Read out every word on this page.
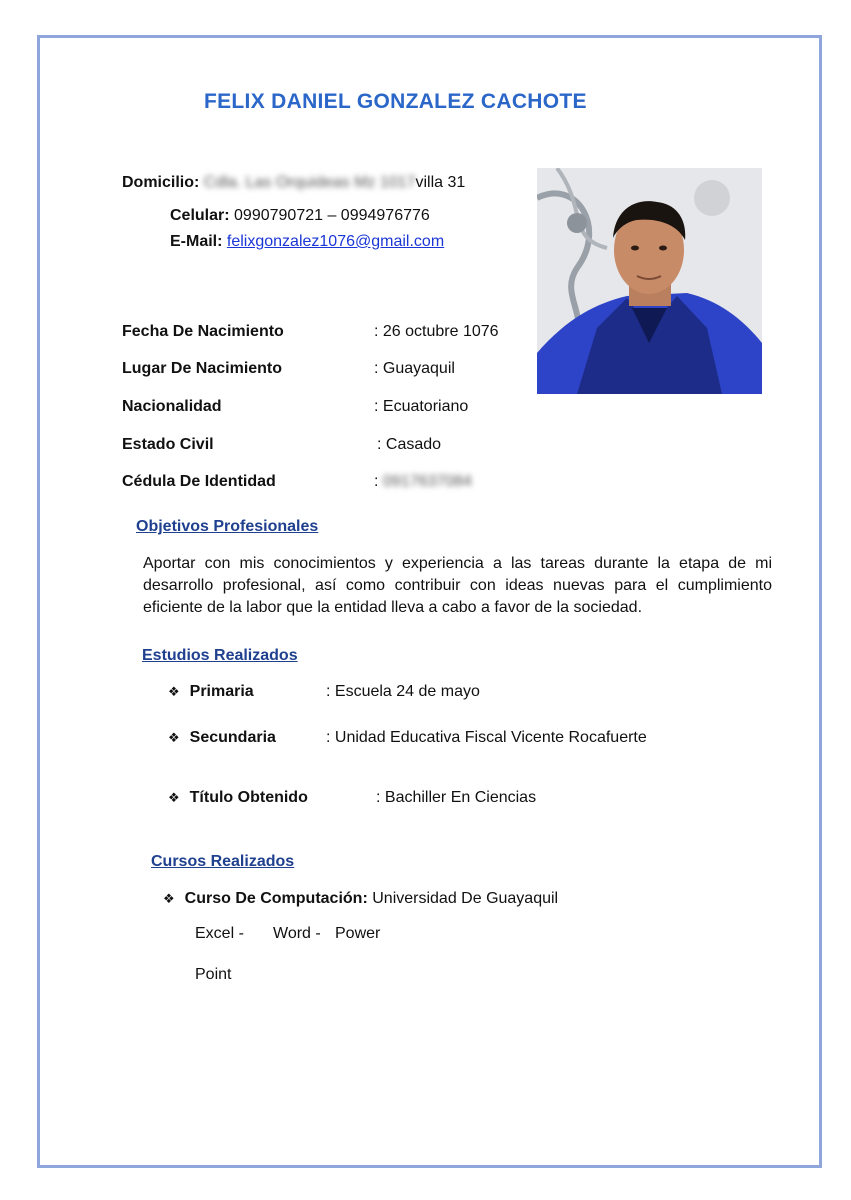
FELIX DANIEL GONZALEZ CACHOTE
Domicilio: Cdla. Las Orquideas Mz 1017villa 31
Celular: 0990790721 – 0994976776
E-Mail: felixgonzalez1076@gmail.com
Fecha De Nacimiento	: 26 octubre 1076
Lugar De Nacimiento	: Guayaquil
Nacionalidad	: Ecuatoriano
Estado Civil	: Casado
Cédula De Identidad	: 0917637084
Objetivos Profesionales
Aportar con mis conocimientos y experiencia a las tareas durante la etapa de mi desarrollo profesional, así como contribuir con ideas nuevas para el cumplimiento eficiente de la labor que la entidad lleva a cabo a favor de la sociedad.
Estudios Realizados
❖ Primaria	: Escuela 24 de mayo
❖ Secundaria	: Unidad Educativa Fiscal Vicente Rocafuerte
❖ Título Obtenido	: Bachiller En Ciencias
Cursos Realizados
❖ Curso De Computación: Universidad De Guayaquil
Excel - Word - Power
Point
